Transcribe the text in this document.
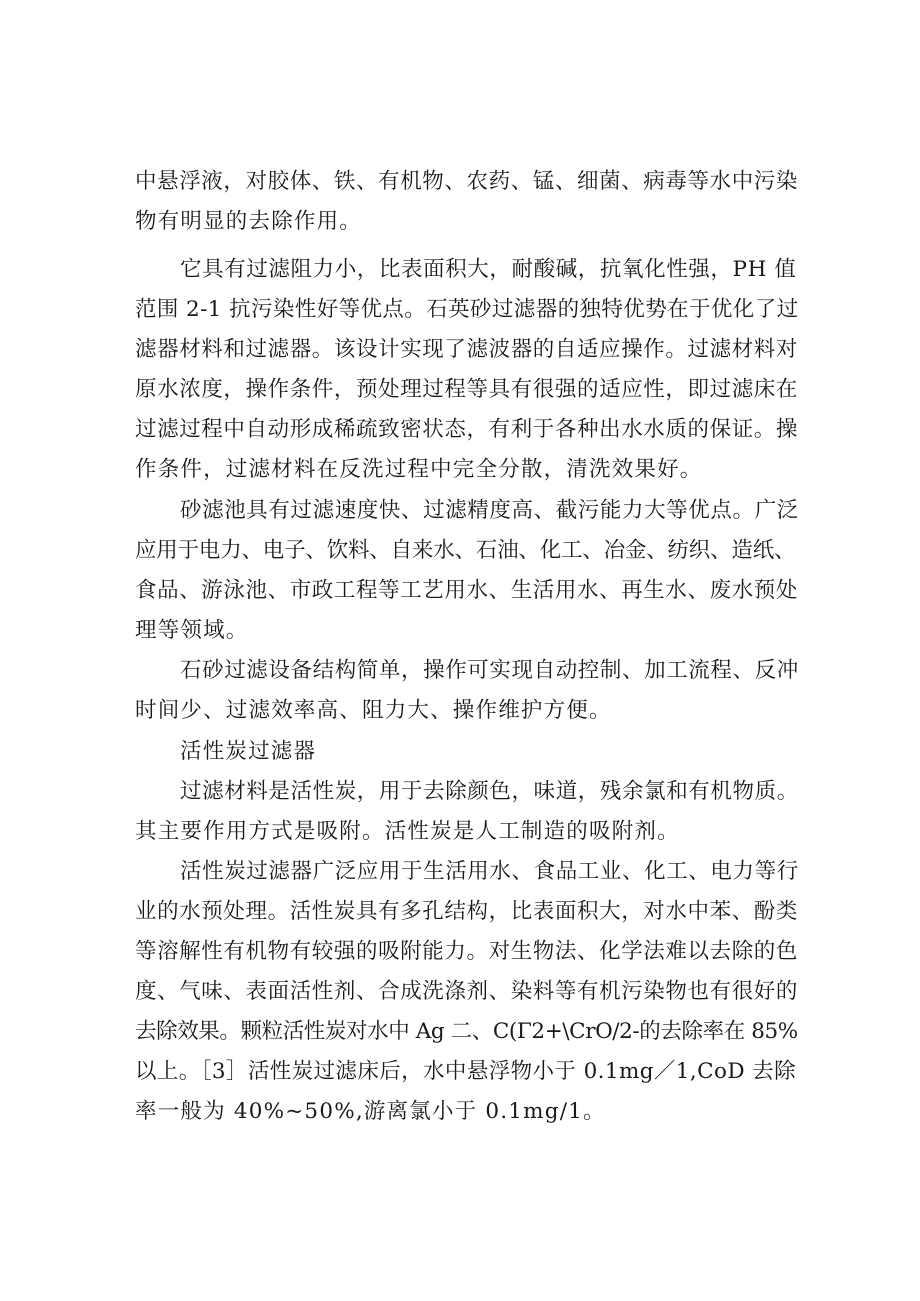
中悬浮液，对胶体、铁、有机物、农药、锰、细菌、病毒等水中污染
物有明显的去除作用。
它具有过滤阻力小，比表面积大，耐酸碱，抗氧化性强，PH 值
范围 2-1 抗污染性好等优点。石英砂过滤器的独特优势在于优化了过
滤器材料和过滤器。该设计实现了滤波器的自适应操作。过滤材料对
原水浓度，操作条件，预处理过程等具有很强的适应性，即过滤床在
过滤过程中自动形成稀疏致密状态，有利于各种出水水质的保证。操
作条件，过滤材料在反洗过程中完全分散，清洗效果好。
砂滤池具有过滤速度快、过滤精度高、截污能力大等优点。广泛
应用于电力、电子、饮料、自来水、石油、化工、冶金、纺织、造纸、
食品、游泳池、市政工程等工艺用水、生活用水、再生水、废水预处
理等领域。
石砂过滤设备结构简单，操作可实现自动控制、加工流程、反冲
时间少、过滤效率高、阻力大、操作维护方便。
活性炭过滤器
过滤材料是活性炭，用于去除颜色，味道，残余氯和有机物质。
其主要作用方式是吸附。活性炭是人工制造的吸附剂。
活性炭过滤器广泛应用于生活用水、食品工业、化工、电力等行
业的水预处理。活性炭具有多孔结构，比表面积大，对水中苯、酚类
等溶解性有机物有较强的吸附能力。对生物法、化学法难以去除的色
度、气味、表面活性剂、合成洗涤剂、染料等有机污染物也有很好的
去除效果。颗粒活性炭对水中 Ag 二、C(Γ2+\CrO/2-的去除率在 85%
以上。［3］活性炭过滤床后，水中悬浮物小于 0.1mg／1,CoD 去除
率一般为 40%~50%,游离氯小于 0.1mg/1。
